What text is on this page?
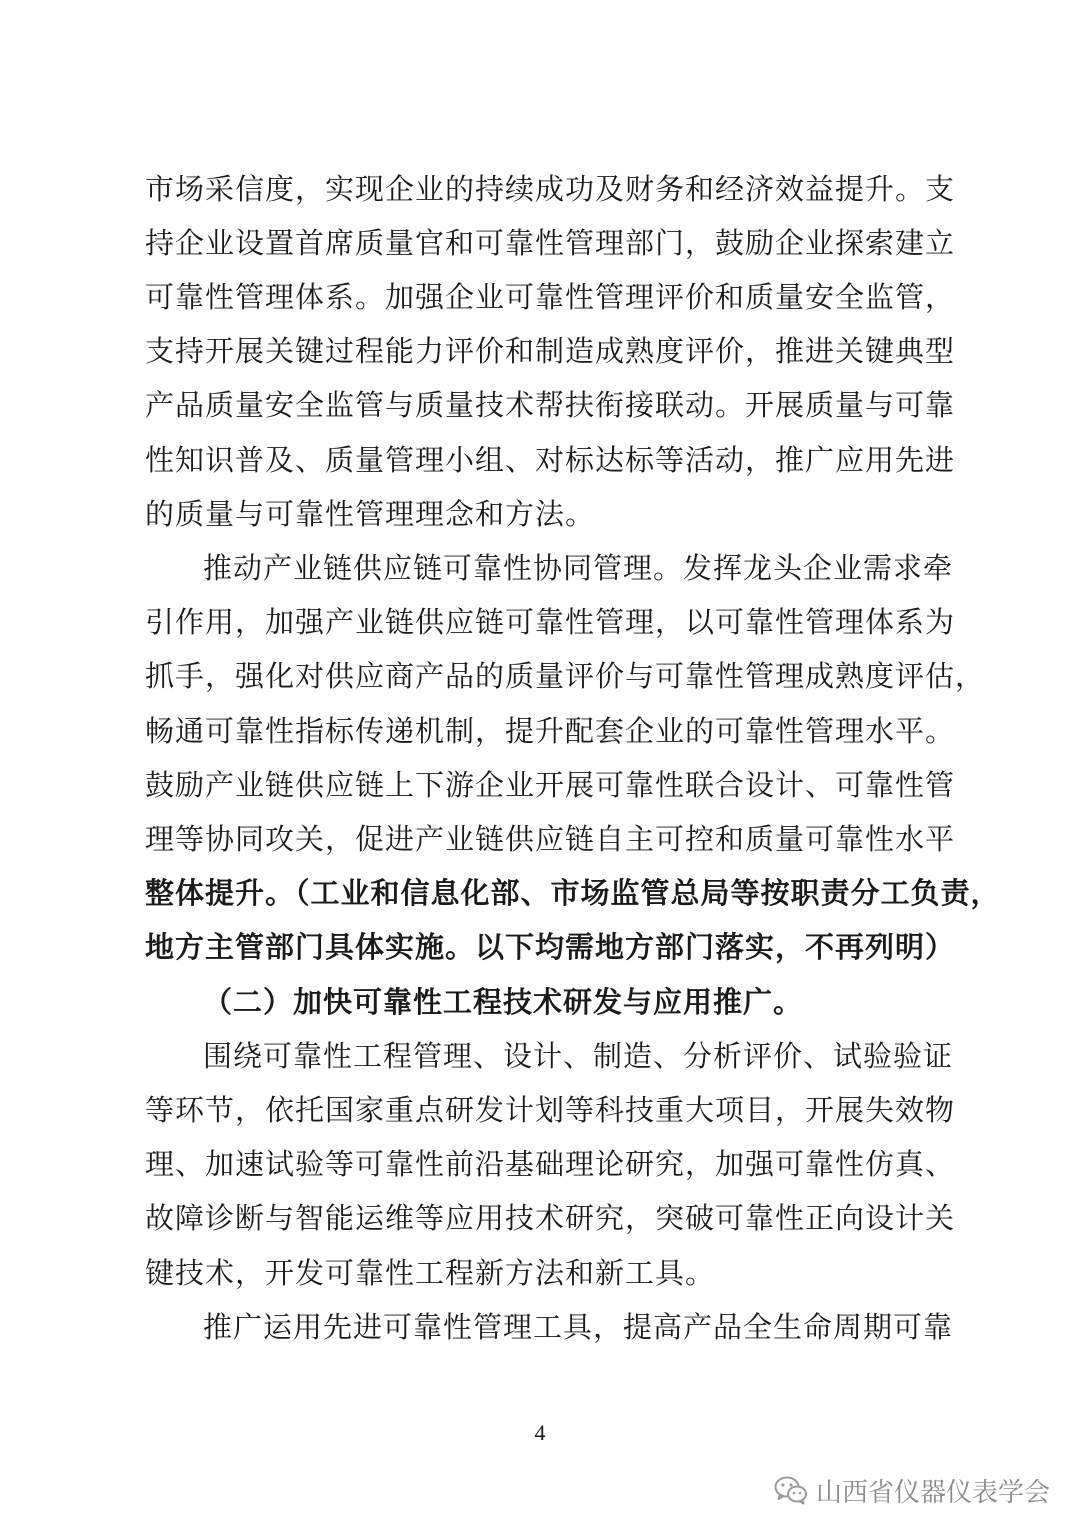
市场采信度，实现企业的持续成功及财务和经济效益提升。支
持企业设置首席质量官和可靠性管理部门，鼓励企业探索建立
可靠性管理体系。加强企业可靠性管理评价和质量安全监管，
支持开展关键过程能力评价和制造成熟度评价，推进关键典型
产品质量安全监管与质量技术帮扶衔接联动。开展质量与可靠
性知识普及、质量管理小组、对标达标等活动，推广应用先进
的质量与可靠性管理理念和方法。
推动产业链供应链可靠性协同管理。发挥龙头企业需求牵
引作用，加强产业链供应链可靠性管理，以可靠性管理体系为
抓手，强化对供应商产品的质量评价与可靠性管理成熟度评估，
畅通可靠性指标传递机制，提升配套企业的可靠性管理水平。
鼓励产业链供应链上下游企业开展可靠性联合设计、可靠性管
理等协同攻关，促进产业链供应链自主可控和质量可靠性水平
整体提升。（工业和信息化部、市场监管总局等按职责分工负责，
地方主管部门具体实施。以下均需地方部门落实，不再列明）
（二）加快可靠性工程技术研发与应用推广。
围绕可靠性工程管理、设计、制造、分析评价、试验验证
等环节，依托国家重点研发计划等科技重大项目，开展失效物
理、加速试验等可靠性前沿基础理论研究，加强可靠性仿真、
故障诊断与智能运维等应用技术研究，突破可靠性正向设计关
键技术，开发可靠性工程新方法和新工具。
推广运用先进可靠性管理工具，提高产品全生命周期可靠
4
山西省仪器仪表学会
